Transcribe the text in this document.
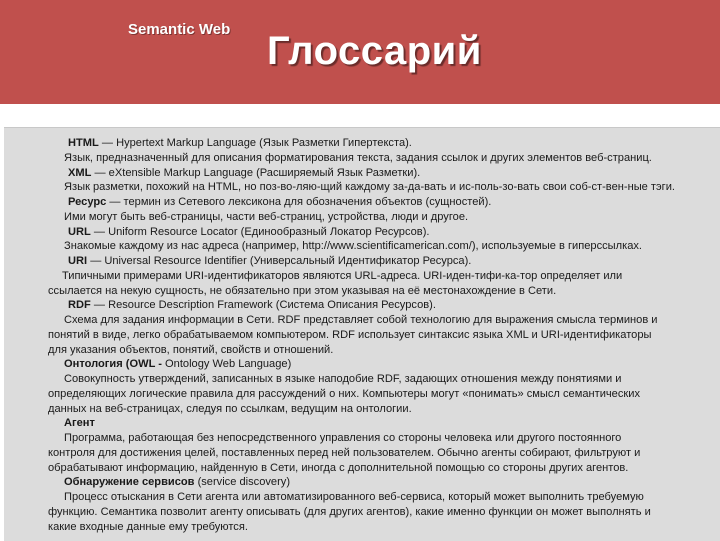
Semantic Web Глоссарий
HTML — Hypertext Markup Language (Язык Разметки Гипертекста).
Язык, предназначенный для описания форматирования текста, задания ссылок и других элементов веб-страниц.
XML — eXtensible Markup Language (Расширяемый Язык Разметки).
Язык разметки, похожий на HTML, но поз-во-ляю-щий каждому за-да-вать и ис-поль-зо-вать свои соб-ст-вен-ные тэги.
Ресурс — термин из Сетевого лексикона для обозначения объектов (сущностей).
Ими могут быть веб-страницы, части веб-страниц, устройства, люди и другое.
URL — Uniform Resource Locator (Единообразный Локатор Ресурсов).
Знакомые каждому из нас адреса (например, http://www.scientificamerican.com/), используемые в гиперссылках.
URI — Universal Resource Identifier (Универсальный Идентификатор Ресурса).
Типичными примерами URI-идентификаторов являются URL-адреса. URI-иден-тифи-ка-тор определяет или
ссылается на некую сущность, не обязательно при этом указывая на её местонахождение в Сети.
RDF — Resource Description Framework (Система Описания Ресурсов).
Схема для задания информации в Сети. RDF представляет собой технологию для выражения смысла терминов и
понятий в виде, легко обрабатываемом компьютером. RDF использует синтаксис языка XML и URI-идентификаторы
для указания объектов, понятий, свойств и отношений.
Онтология (OWL - Ontology Web Language)
Совокупность утверждений, записанных в языке наподобие RDF, задающих отношения между понятиями и
определяющих логические правила для рассуждений о них. Компьютеры могут «понимать» смысл семантических
данных на веб-страницах, следуя по ссылкам, ведущим на онтологии.
Агент
Программа, работающая без непосредственного управления со стороны человека или другого постоянного
контроля для достижения целей, поставленных перед ней пользователем. Обычно агенты собирают, фильтруют и
обрабатывают информацию, найденную в Сети, иногда с дополнительной помощью со стороны других агентов.
Обнаружение сервисов (service discovery)
Процесс отыскания в Сети агента или автоматизированного веб-сервиса, который может выполнить требуемую
функцию. Семантика позволит агенту описывать (для других агентов), какие именно функции он может выполнять и
какие входные данные ему требуются.
